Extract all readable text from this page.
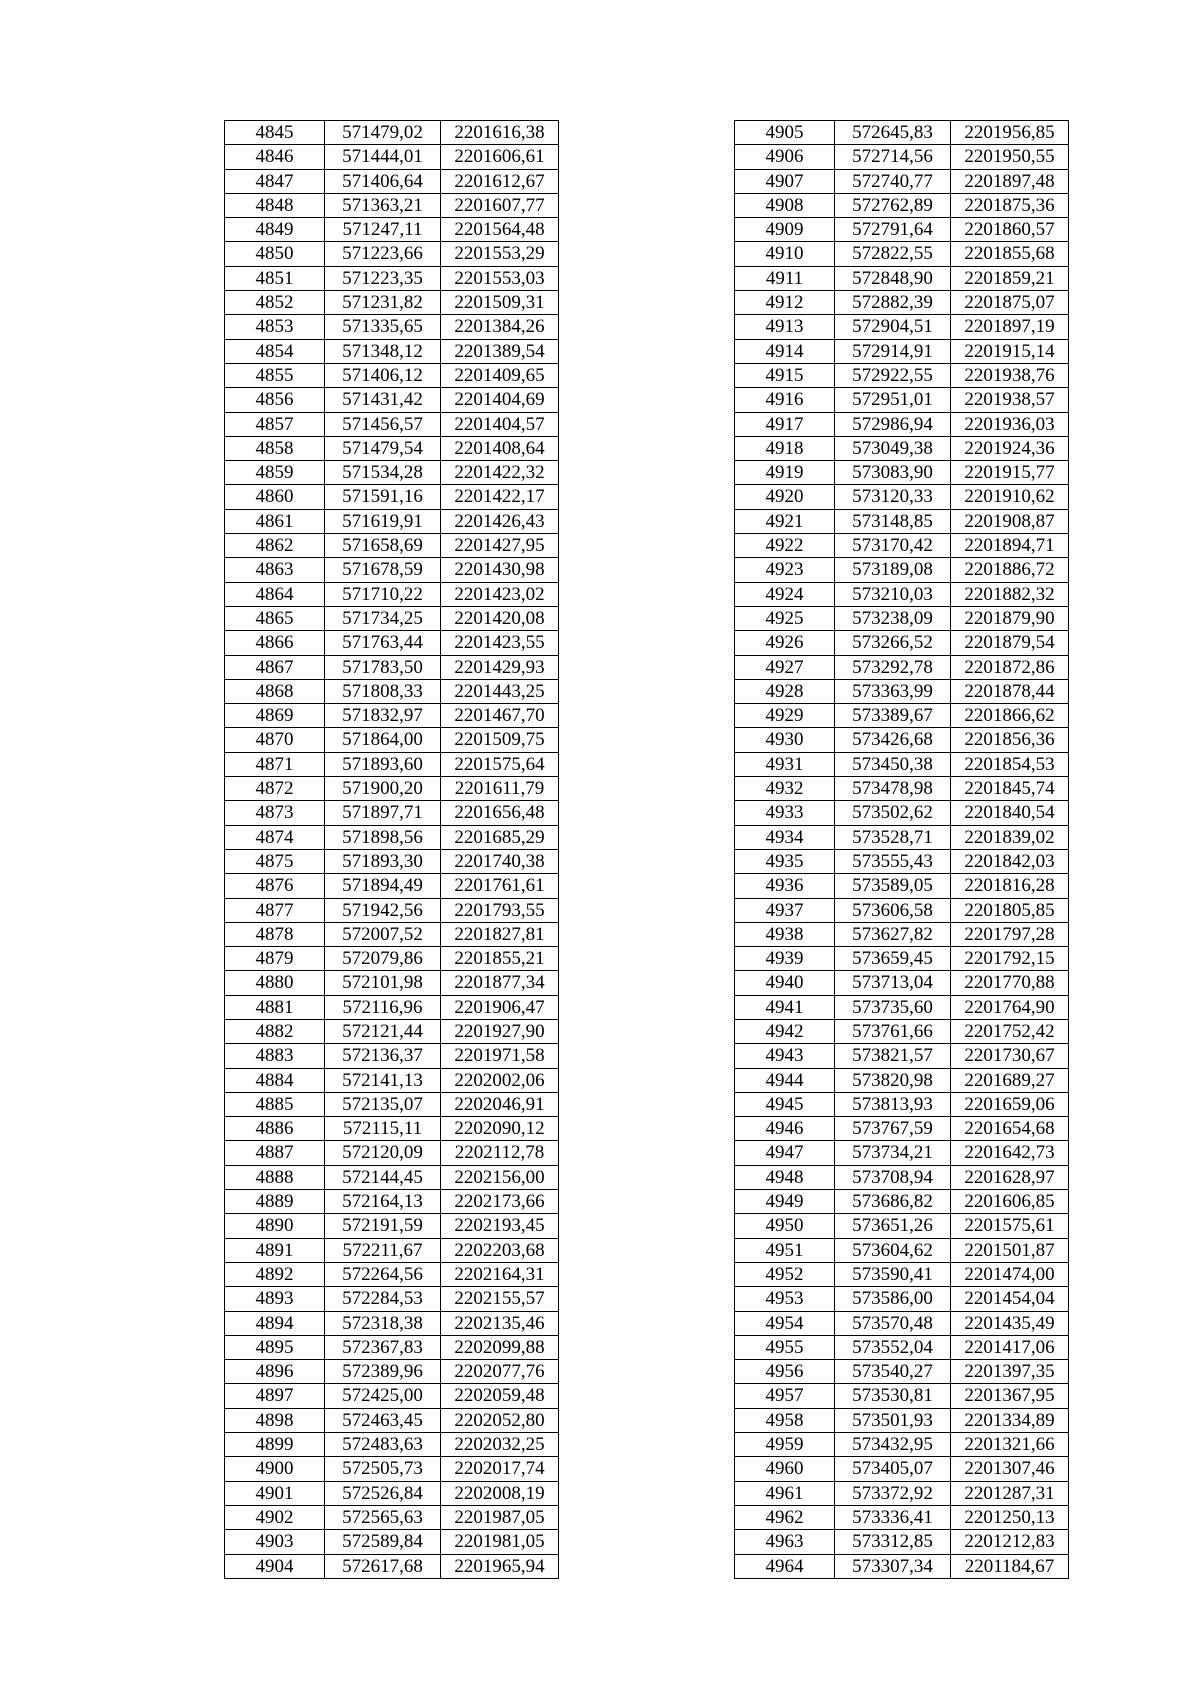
4845	571479,02	2201616,38
4846	571444,01	2201606,61
4847	571406,64	2201612,67
4848	571363,21	2201607,77
4849	571247,11	2201564,48
4850	571223,66	2201553,29
4851	571223,35	2201553,03
4852	571231,82	2201509,31
4853	571335,65	2201384,26
4854	571348,12	2201389,54
4855	571406,12	2201409,65
4856	571431,42	2201404,69
4857	571456,57	2201404,57
4858	571479,54	2201408,64
4859	571534,28	2201422,32
4860	571591,16	2201422,17
4861	571619,91	2201426,43
4862	571658,69	2201427,95
4863	571678,59	2201430,98
4864	571710,22	2201423,02
4865	571734,25	2201420,08
4866	571763,44	2201423,55
4867	571783,50	2201429,93
4868	571808,33	2201443,25
4869	571832,97	2201467,70
4870	571864,00	2201509,75
4871	571893,60	2201575,64
4872	571900,20	2201611,79
4873	571897,71	2201656,48
4874	571898,56	2201685,29
4875	571893,30	2201740,38
4876	571894,49	2201761,61
4877	571942,56	2201793,55
4878	572007,52	2201827,81
4879	572079,86	2201855,21
4880	572101,98	2201877,34
4881	572116,96	2201906,47
4882	572121,44	2201927,90
4883	572136,37	2201971,58
4884	572141,13	2202002,06
4885	572135,07	2202046,91
4886	572115,11	2202090,12
4887	572120,09	2202112,78
4888	572144,45	2202156,00
4889	572164,13	2202173,66
4890	572191,59	2202193,45
4891	572211,67	2202203,68
4892	572264,56	2202164,31
4893	572284,53	2202155,57
4894	572318,38	2202135,46
4895	572367,83	2202099,88
4896	572389,96	2202077,76
4897	572425,00	2202059,48
4898	572463,45	2202052,80
4899	572483,63	2202032,25
4900	572505,73	2202017,74
4901	572526,84	2202008,19
4902	572565,63	2201987,05
4903	572589,84	2201981,05
4904	572617,68	2201965,94
4905	572645,83	2201956,85
4906	572714,56	2201950,55
4907	572740,77	2201897,48
4908	572762,89	2201875,36
4909	572791,64	2201860,57
4910	572822,55	2201855,68
4911	572848,90	2201859,21
4912	572882,39	2201875,07
4913	572904,51	2201897,19
4914	572914,91	2201915,14
4915	572922,55	2201938,76
4916	572951,01	2201938,57
4917	572986,94	2201936,03
4918	573049,38	2201924,36
4919	573083,90	2201915,77
4920	573120,33	2201910,62
4921	573148,85	2201908,87
4922	573170,42	2201894,71
4923	573189,08	2201886,72
4924	573210,03	2201882,32
4925	573238,09	2201879,90
4926	573266,52	2201879,54
4927	573292,78	2201872,86
4928	573363,99	2201878,44
4929	573389,67	2201866,62
4930	573426,68	2201856,36
4931	573450,38	2201854,53
4932	573478,98	2201845,74
4933	573502,62	2201840,54
4934	573528,71	2201839,02
4935	573555,43	2201842,03
4936	573589,05	2201816,28
4937	573606,58	2201805,85
4938	573627,82	2201797,28
4939	573659,45	2201792,15
4940	573713,04	2201770,88
4941	573735,60	2201764,90
4942	573761,66	2201752,42
4943	573821,57	2201730,67
4944	573820,98	2201689,27
4945	573813,93	2201659,06
4946	573767,59	2201654,68
4947	573734,21	2201642,73
4948	573708,94	2201628,97
4949	573686,82	2201606,85
4950	573651,26	2201575,61
4951	573604,62	2201501,87
4952	573590,41	2201474,00
4953	573586,00	2201454,04
4954	573570,48	2201435,49
4955	573552,04	2201417,06
4956	573540,27	2201397,35
4957	573530,81	2201367,95
4958	573501,93	2201334,89
4959	573432,95	2201321,66
4960	573405,07	2201307,46
4961	573372,92	2201287,31
4962	573336,41	2201250,13
4963	573312,85	2201212,83
4964	573307,34	2201184,67
